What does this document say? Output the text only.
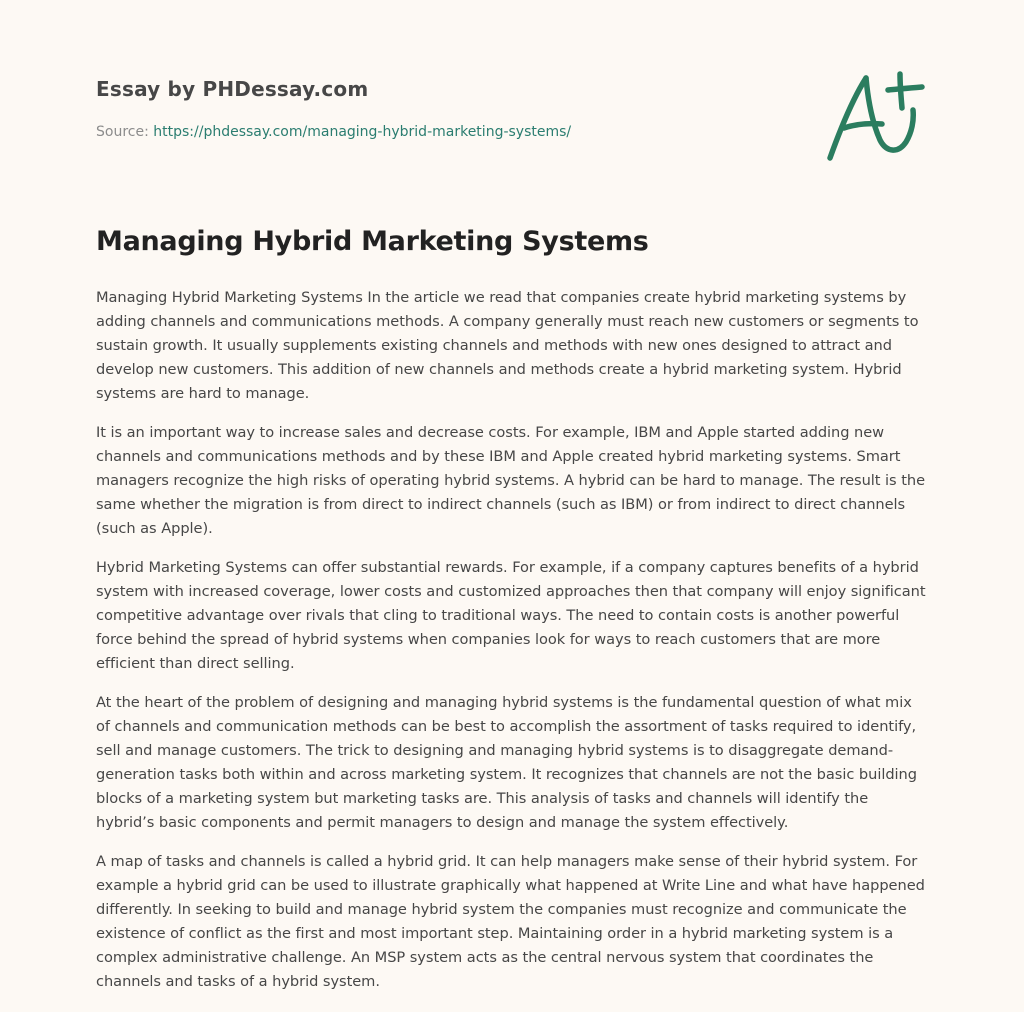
Essay by PHDessay.com
Source: https://phdessay.com/managing-hybrid-marketing-systems/
Managing Hybrid Marketing Systems

Managing Hybrid Marketing Systems In the article we read that companies create hybrid marketing systems by adding channels and communications methods. A company generally must reach new customers or segments to sustain growth. It usually supplements existing channels and methods with new ones designed to attract and develop new customers. This addition of new channels and methods create a hybrid marketing system. Hybrid systems are hard to manage.

It is an important way to increase sales and decrease costs. For example, IBM and Apple started adding new channels and communications methods and by these IBM and Apple created hybrid marketing systems. Smart managers recognize the high risks of operating hybrid systems. A hybrid can be hard to manage. The result is the same whether the migration is from direct to indirect channels (such as IBM) or from indirect to direct channels (such as Apple).

Hybrid Marketing Systems can offer substantial rewards. For example, if a company captures benefits of a hybrid system with increased coverage, lower costs and customized approaches then that company will enjoy significant competitive advantage over rivals that cling to traditional ways. The need to contain costs is another powerful force behind the spread of hybrid systems when companies look for ways to reach customers that are more efficient than direct selling.

At the heart of the problem of designing and managing hybrid systems is the fundamental question of what mix of channels and communication methods can be best to accomplish the assortment of tasks required to identify, sell and manage customers. The trick to designing and managing hybrid systems is to disaggregate demand-generation tasks both within and across marketing system. It recognizes that channels are not the basic building blocks of a marketing system but marketing tasks are. This analysis of tasks and channels will identify the hybrid’s basic components and permit managers to design and manage the system effectively.

A map of tasks and channels is called a hybrid grid. It can help managers make sense of their hybrid system. For example a hybrid grid can be used to illustrate graphically what happened at Write Line and what have happened differently. In seeking to build and manage hybrid system the companies must recognize and communicate the existence of conflict as the first and most important step. Maintaining order in a hybrid marketing system is a complex administrative challenge. An MSP system acts as the central nervous system that coordinates the channels and tasks of a hybrid system.
